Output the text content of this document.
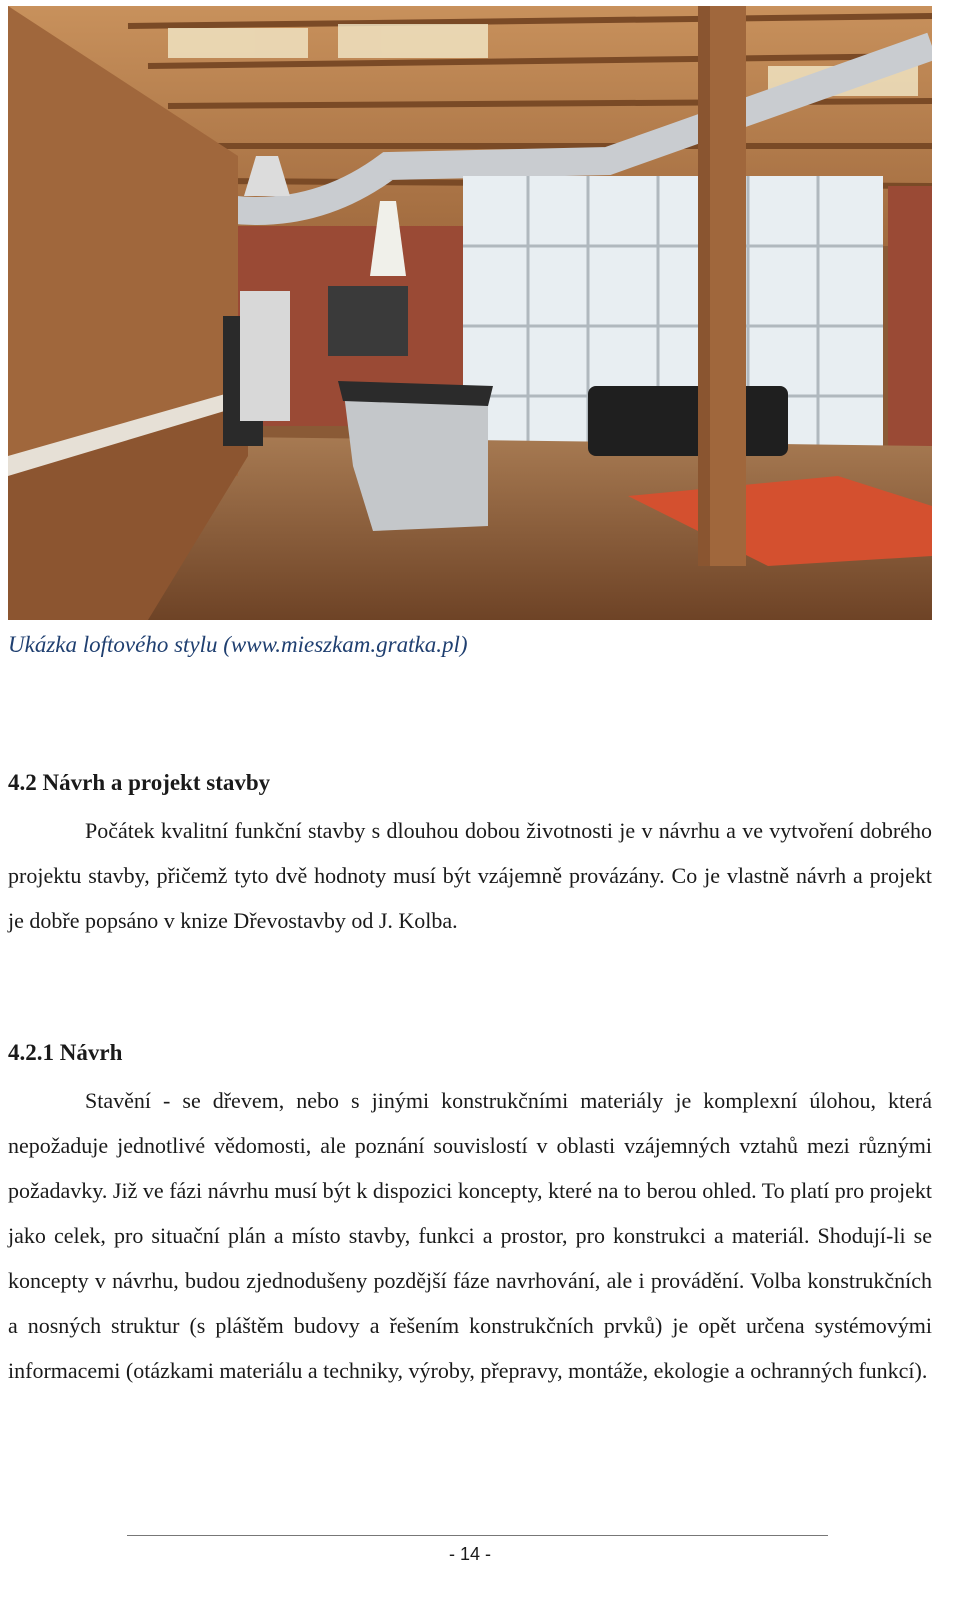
Ukázka loftového stylu (www.mieszkam.gratka.pl)
4.2 Návrh a projekt stavby

Počátek kvalitní funkční stavby s dlouhou dobou životnosti je v návrhu a ve vytvoření dobrého projektu stavby, přičemž tyto dvě hodnoty musí být vzájemně provázány. Co je vlastně návrh a projekt je dobře popsáno v knize Dřevostavby od J. Kolba.

4.2.1 Návrh

Stavění - se dřevem, nebo s jinými konstrukčními materiály je komplexní úlohou, která nepožaduje jednotlivé vědomosti, ale poznání souvislostí v oblasti vzájemných vztahů mezi různými požadavky. Již ve fázi návrhu musí být k dispozici koncepty, které na to berou ohled. To platí pro projekt jako celek, pro situační plán a místo stavby, funkci a prostor, pro konstrukci a materiál. Shodují-li se koncepty v návrhu, budou zjednodušeny pozdější fáze navrhování, ale i provádění. Volba konstrukčních a nosných struktur (s pláštěm budovy a řešením konstrukčních prvků) je opět určena systémovými informacemi (otázkami materiálu a techniky, výroby, přepravy, montáže, ekologie a ochranných funkcí).

- 14 -
